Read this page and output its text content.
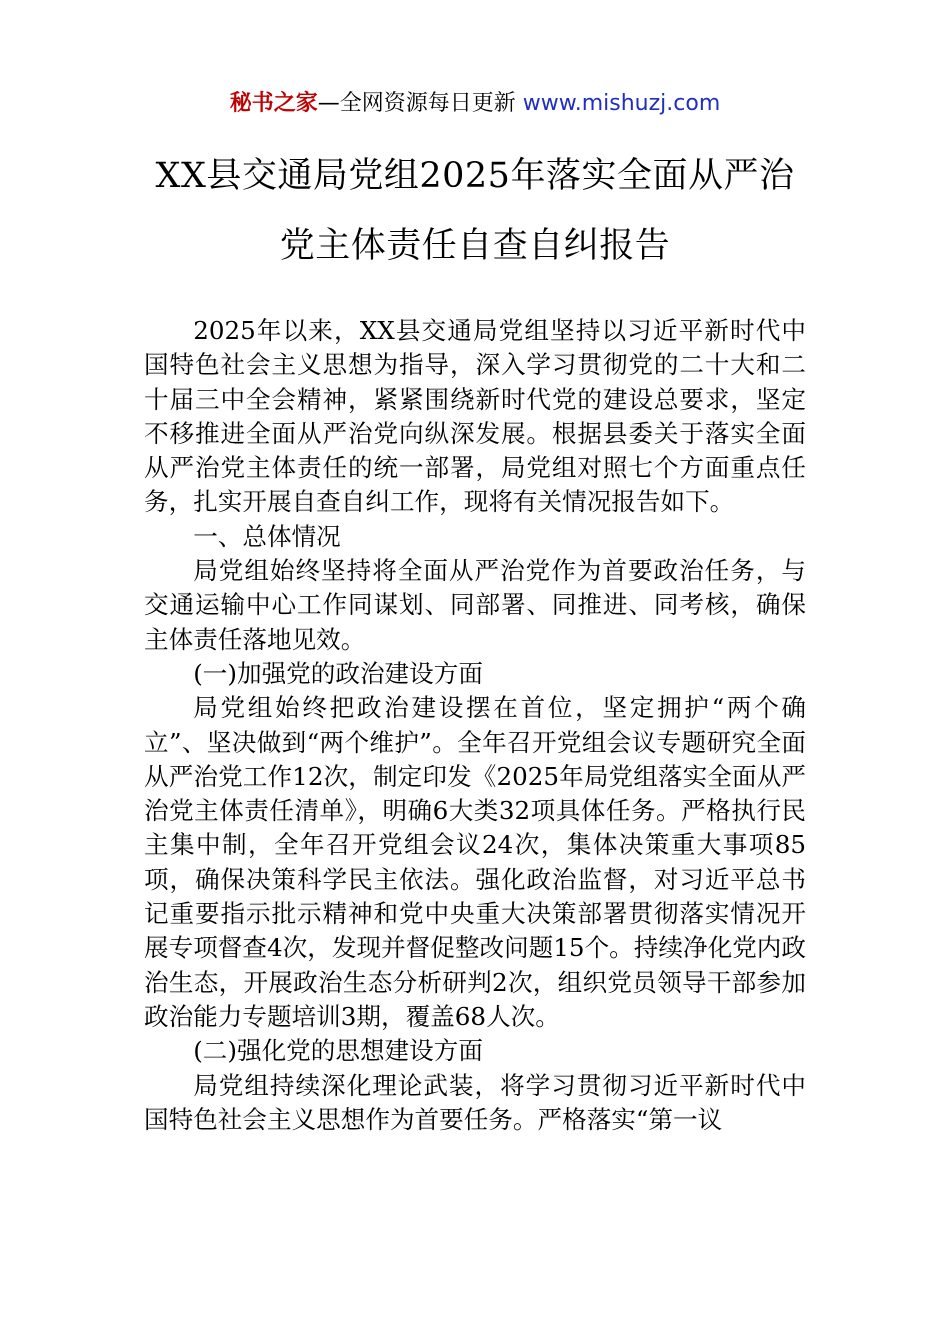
秘书之家—全网资源每日更新 www.mishuzj.com
XX县交通局党组2025年落实全面从严治
党主体责任自查自纠报告

2025年以来，XX县交通局党组坚持以习近平新时代中国特色社会主义思想为指导，深入学习贯彻党的二十大和二十届三中全会精神，紧紧围绕新时代党的建设总要求，坚定不移推进全面从严治党向纵深发展。根据县委关于落实全面从严治党主体责任的统一部署，局党组对照七个方面重点任务，扎实开展自查自纠工作，现将有关情况报告如下。

一、总体情况

局党组始终坚持将全面从严治党作为首要政治任务，与交通运输中心工作同谋划、同部署、同推进、同考核，确保主体责任落地见效。

(一)加强党的政治建设方面

局党组始终把政治建设摆在首位，坚定拥护“两个确立”、坚决做到“两个维护”。全年召开党组会议专题研究全面从严治党工作12次，制定印发《2025年局党组落实全面从严治党主体责任清单》，明确6大类32项具体任务。严格执行民主集中制，全年召开党组会议24次，集体决策重大事项85项，确保决策科学民主依法。强化政治监督，对习近平总书记重要指示批示精神和党中央重大决策部署贯彻落实情况开展专项督查4次，发现并督促整改问题15个。持续净化党内政治生态，开展政治生态分析研判2次，组织党员领导干部参加政治能力专题培训3期，覆盖68人次。

(二)强化党的思想建设方面

局党组持续深化理论武装，将学习贯彻习近平新时代中国特色社会主义思想作为首要任务。严格落实“第一议
